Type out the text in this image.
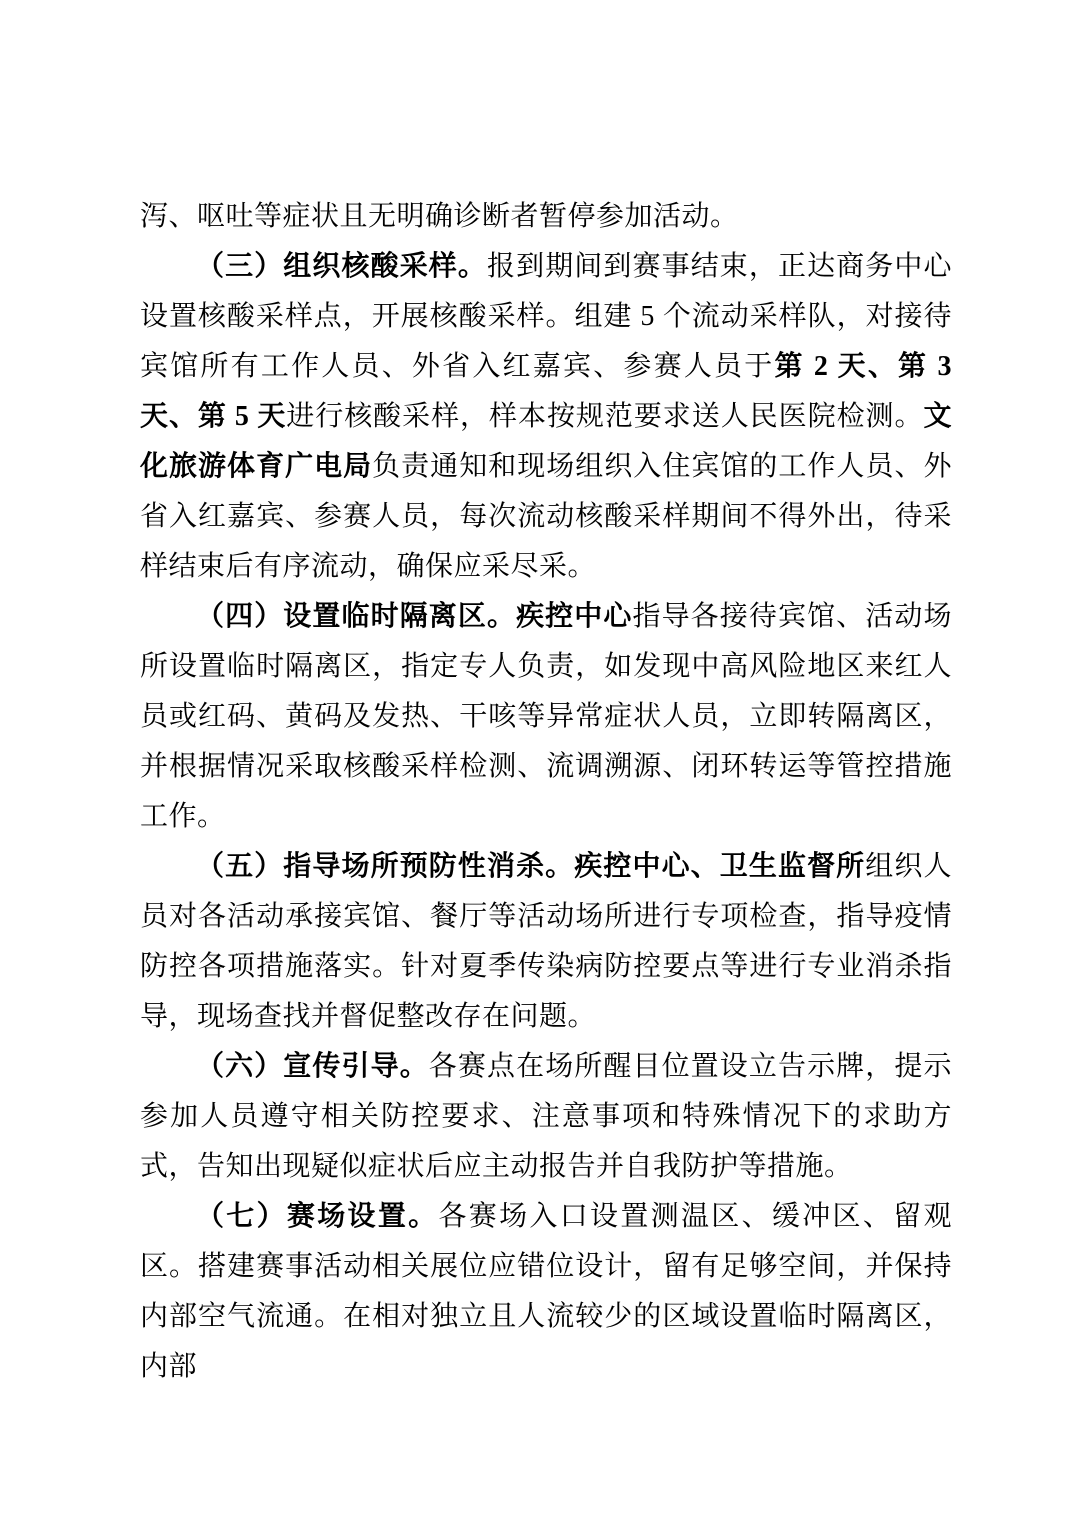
泻、呕吐等症状且无明确诊断者暂停参加活动。

（三）组织核酸采样。报到期间到赛事结束，正达商务中心设置核酸采样点，开展核酸采样。组建 5 个流动采样队，对接待宾馆所有工作人员、外省入红嘉宾、参赛人员于第 2 天、第 3 天、第 5 天进行核酸采样，样本按规范要求送人民医院检测。文化旅游体育广电局负责通知和现场组织入住宾馆的工作人员、外省入红嘉宾、参赛人员，每次流动核酸采样期间不得外出，待采样结束后有序流动，确保应采尽采。

（四）设置临时隔离区。疾控中心指导各接待宾馆、活动场所设置临时隔离区，指定专人负责，如发现中高风险地区来红人员或红码、黄码及发热、干咳等异常症状人员，立即转隔离区，并根据情况采取核酸采样检测、流调溯源、闭环转运等管控措施工作。

（五）指导场所预防性消杀。疾控中心、卫生监督所组织人员对各活动承接宾馆、餐厅等活动场所进行专项检查，指导疫情防控各项措施落实。针对夏季传染病防控要点等进行专业消杀指导，现场查找并督促整改存在问题。

（六）宣传引导。各赛点在场所醒目位置设立告示牌，提示参加人员遵守相关防控要求、注意事项和特殊情况下的求助方式，告知出现疑似症状后应主动报告并自我防护等措施。

（七）赛场设置。各赛场入口设置测温区、缓冲区、留观区。搭建赛事活动相关展位应错位设计，留有足够空间，并保持内部空气流通。在相对独立且人流较少的区域设置临时隔离区，内部
